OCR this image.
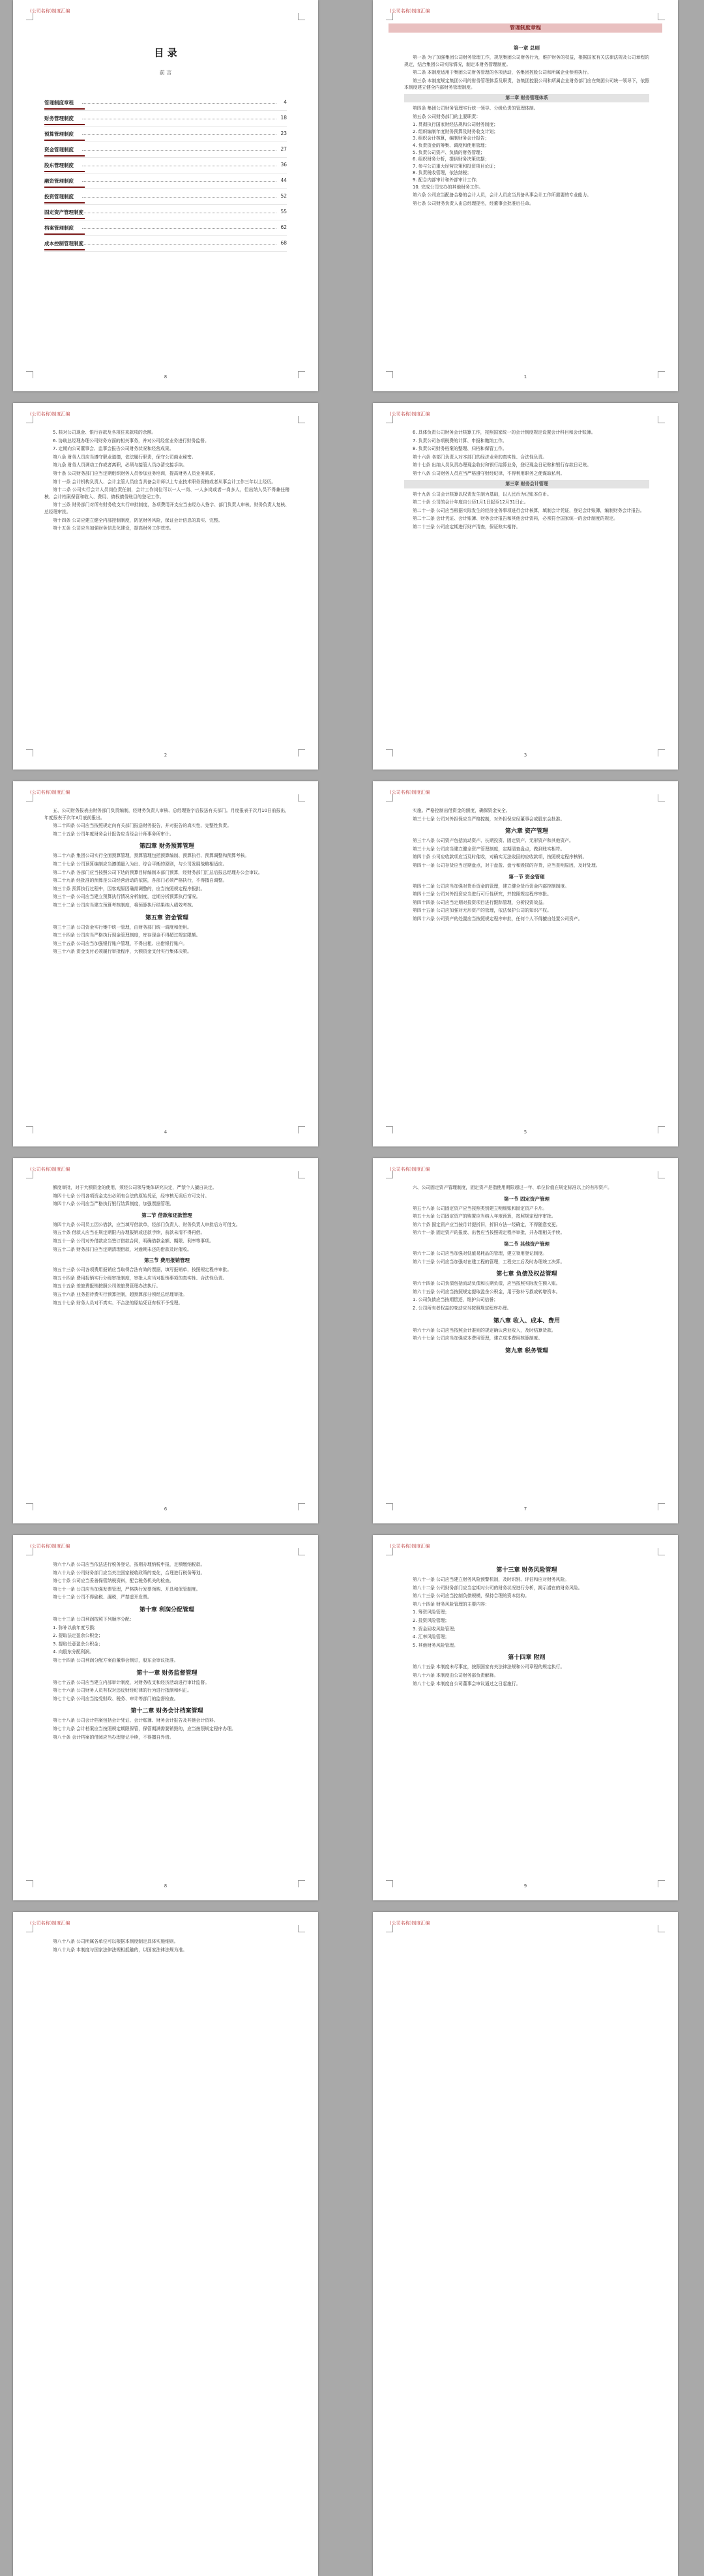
(公司名称)制度汇编
目 录
前 言
管理制度章程	4
财务管理制度	18
预算管理制度	23
资金管理制度	27
股东管理制度	36
融资管理制度	44
投资管理制度	52
固定资产管理制度	55
档案管理制度	62
成本控制管理制度	68
8
(公司名称)制度汇编
管理制度章程
第一章 总则

第一条 为了加强集团公司财务管理工作，规范集团公司财务行为，维护财务的权益，根据国家有关法律法规及公司章程的规定，结合集团公司实际情况，制定本财务管理制度。

第二条 本制度适用于集团公司财务管理的各项活动，各集团控股公司和所属企业参照执行。

第三条 本制度规定集团公司的财务管理体系及职责，各集团控股公司和所属企业财务部门应在集团公司统一领导下，依照本制度建立健全内部财务管理制度。

第二章 财务管理体系

第四条 集团公司财务管理实行统一领导、分级负责的管理体制。

第五条 公司财务部门的主要职责：

1. 贯彻执行国家财经法规和公司财务制度；
2. 组织编制年度财务预算及财务收支计划；
3. 组织会计核算，编制财务会计报告；
4. 负责资金的筹集、调度和使用管理；
5. 负责公司资产、负债的财务管理；
6. 组织财务分析，提供财务决策依据；
7. 参与公司重大经营决策和投资项目论证；
8. 负责税收管理，依法纳税；
9. 配合内部审计和外部审计工作；
10. 完成公司交办的其他财务工作。

第六条 公司应当配备合格的会计人员，会计人员应当具备从事会计工作所需要的专业能力。

第七条 公司财务负责人由总经理提名，经董事会批准后任命。

1
(公司名称)制度汇编

5. 核对公司现金、银行存款及各项往来款项的余额。

6. 协助总经理办理公司财务方面的相关事务，并对公司经营业务进行财务监督。

7. 定期向公司董事会、监事会报告公司财务状况和经营成果。

第八条 财务人员应当遵守职业道德，依法履行职责，保守公司商业秘密。

第九条 财务人员调动工作或者离职，必须与接管人员办清交接手续。

第十条 公司财务部门应当定期组织财务人员参加业务培训，提高财务人员业务素质。

第十一条 会计机构负责人、会计主管人员应当具备会计师以上专业技术职务资格或者从事会计工作三年以上经历。

第十二条 公司实行会计人员岗位责任制，会计工作岗位可以一人一岗、一人多岗或者一岗多人，但出纳人员不得兼任稽核、会计档案保管和收入、费用、债权债务账目的登记工作。

第十三条 财务部门对所有财务收支实行审批制度，各项费用开支应当由经办人签字、部门负责人审核、财务负责人复核、总经理审批。

第十四条 公司应建立健全内部控制制度，防范财务风险，保证会计信息的真实、完整。

第十五条 公司应当加强财务信息化建设，提高财务工作效率。

2
(公司名称)制度汇编

6. 具体负责公司财务会计核算工作，按照国家统一的会计制度规定设置会计科目和会计账簿。

7. 负责公司各项税费的计算、申报和缴纳工作。

8. 负责公司财务档案的整理、归档和保管工作。

第十六条 各部门负责人对本部门的经济业务的真实性、合法性负责。

第十七条 出纳人员负责办理现金收付和银行结算业务，登记现金日记账和银行存款日记账。

第十八条 公司财务人员应当严格遵守财经纪律，不得利用职务之便谋取私利。

第三章 财务会计管理

第十九条 公司会计核算以权责发生制为基础，以人民币为记账本位币。

第二十条 公司的会计年度自公历1月1日起至12月31日止。

第二十一条 公司应当根据实际发生的经济业务事项进行会计核算，填制会计凭证，登记会计账簿，编制财务会计报告。

第二十二条 会计凭证、会计账簿、财务会计报告和其他会计资料，必须符合国家统一的会计制度的规定。

第二十三条 公司应定期进行财产清查，保证账实相符。

3
(公司名称)制度汇编

五、公司财务报表由财务部门负责编制，经财务负责人审核、总经理签字后报送有关部门。月度报表于次月10日前报出，年度报表于次年3月底前报出。

第二十四条 公司应当按照规定向有关部门报送财务报告，并对报告的真实性、完整性负责。

第二十五条 公司年度财务会计报告应当经会计师事务所审计。

第四章 财务预算管理

第二十六条 集团公司实行全面预算管理，预算管理包括预算编制、预算执行、预算调整和预算考核。

第二十七条 公司预算编制应当遵循量入为出、综合平衡的原则，与公司发展战略相适应。

第二十八条 各部门应当按照公司下达的预算目标编制本部门预算，经财务部门汇总后报总经理办公会审议。

第二十九条 经批准的预算是公司经营活动的依据，各部门必须严格执行，不得擅自调整。

第三十条 预算执行过程中，因客观原因确需调整的，应当按照规定程序报批。

第三十一条 公司应当建立预算执行情况分析制度，定期分析预算执行情况。

第三十二条 公司应当建立预算考核制度，将预算执行结果纳入绩效考核。

第五章 资金管理

第三十三条 公司资金实行集中统一管理，由财务部门统一调度和使用。

第三十四条 公司应当严格执行现金管理制度，库存现金不得超过规定限额。

第三十五条 公司应当加强银行账户管理，不得出租、出借银行账户。

第三十六条 资金支付必须履行审批程序，大额资金支付实行集体决策。

4
(公司名称)制度汇编

实施。严格控制出借资金的额度，确保资金安全。

第三十七条 公司对外担保应当严格控制，对外担保应经董事会或股东会批准。

第六章 资产管理

第三十八条 公司资产包括流动资产、长期投资、固定资产、无形资产和其他资产。

第三十九条 公司应当建立健全资产管理制度，定期清查盘点，做到账实相符。

第四十条 公司应收款项应当及时催收，对确实无法收回的应收款项，按照规定程序核销。

第四十一条 公司存货应当定期盘点，对于盘盈、盘亏和毁损的存货，应当查明原因，及时处理。

第一节 资金管理

第四十二条 公司应当加强对货币资金的管理，建立健全货币资金内部控制制度。

第四十三条 公司对外投资应当进行可行性研究，并按照规定程序审批。

第四十四条 公司应当定期对投资项目进行跟踪管理，分析投资效益。

第四十五条 公司应加强对无形资产的管理，依法保护公司的知识产权。

第四十六条 公司资产的处置应当按照规定程序审批，任何个人不得擅自处置公司资产。

5
(公司名称)制度汇编

额度审批，对于大额资金的使用，须经公司领导集体研究决定，严禁个人擅自决定。

第四十七条 公司各项资金支出必须有合法的原始凭证，经审核无误后方可支付。

第四十八条 公司应当严格执行银行结算制度，加强票据管理。

第二节 借款和还款管理

第四十九条 公司员工因公借款，应当填写借款单，经部门负责人、财务负责人审批后方可借支。

第五十条 借款人应当在规定期限内办理报销或还款手续，前款未清不得再借。

第五十一条 公司对外借款应当签订借款合同，明确借款金额、期限、利率等事项。

第五十二条 财务部门应当定期清理借款，对逾期未还的借款及时催收。

第三节 费用报销管理

第五十三条 公司各项费用报销应当取得合法有效的票据，填写报销单，按照规定程序审批。

第五十四条 费用报销实行分级审批制度，审批人应当对报销事项的真实性、合法性负责。

第五十五条 差旅费报销按照公司差旅费管理办法执行。

第五十六条 业务招待费实行预算控制，超预算部分须经总经理审批。

第五十七条 财务人员对不真实、不合法的原始凭证有权不予受理。

6
(公司名称)制度汇编

六、公司固定资产管理制度，固定资产是指使用期限超过一年、单位价值在规定标准以上的有形资产。

第一节 固定资产管理

第五十八条 公司固定资产应当按照类别建立明细账和固定资产卡片。

第五十九条 公司固定资产的购置应当纳入年度预算，按照规定程序审批。

第六十条 固定资产应当按月计提折旧，折旧方法一经确定，不得随意变更。

第六十一条 固定资产的报废、出售应当按照规定程序审批，并办理相关手续。

第二节 其他资产管理

第六十二条 公司应当加强对低值易耗品的管理，建立领用登记制度。

第六十三条 公司应当加强对在建工程的管理，工程完工后及时办理竣工决算。

第七章 负债及权益管理

第六十四条 公司负债包括流动负债和长期负债，应当按照实际发生额入账。

第六十五条 公司应当按照规定提取盈余公积金，用于弥补亏损或转增资本。

1. 公司负债应当按期偿还，维护公司信誉；

2. 公司所有者权益的变动应当按照规定程序办理。

第八章 收入、成本、费用

第六十六条 公司应当按照会计准则的规定确认营业收入，及时结算货款。

第六十七条 公司应当加强成本费用管理，建立成本费用核算制度。

第九章 税务管理
7
(公司名称)制度汇编

第六十八条 公司应当依法进行税务登记，按期办理纳税申报，足额缴纳税款。

第六十九条 公司财务部门应当关注国家税收政策的变化，合理进行税务筹划。

第七十条 公司应当妥善保管纳税资料，配合税务机关的检查。

第七十一条 公司应当加强发票管理，严格执行发票领购、开具和保管制度。

第七十二条 公司不得偷税、漏税，严禁虚开发票。

第十章 利润分配管理

第七十三条 公司利润按照下列顺序分配：

1. 弥补以前年度亏损；

2. 提取法定盈余公积金；

3. 提取任意盈余公积金；

4. 向股东分配利润。

第七十四条 公司利润分配方案由董事会制订，股东会审议批准。

第十一章 财务监督管理

第七十五条 公司应当建立内部审计制度，对财务收支和经济活动进行审计监督。

第七十六条 公司财务人员有权对违反财经纪律的行为进行抵制和纠正。

第七十七条 公司应当接受财政、税务、审计等部门的监督检查。

第十二章 财务会计档案管理

第七十八条 公司会计档案包括会计凭证、会计账簿、财务会计报告及其他会计资料。

第七十九条 会计档案应当按照规定期限保管，保管期满需要销毁的，应当按照规定程序办理。

第八十条 会计档案的借阅应当办理登记手续，不得擅自外借。

8
(公司名称)制度汇编
第十三章 财务风险管理

第八十一条 公司应当建立财务风险预警机制，及时识别、评估和应对财务风险。

第八十二条 公司财务部门应当定期对公司的财务状况进行分析，揭示潜在的财务风险。

第八十三条 公司应当控制负债规模，保持合理的资本结构。

第八十四条 财务风险管理的主要内容：

1. 筹资风险管理；

2. 投资风险管理；

3. 资金回收风险管理；

4. 汇率风险管理；

5. 其他财务风险管理。

第十四章 附则

第八十五条 本制度未尽事宜，按照国家有关法律法规和公司章程的规定执行。

第八十六条 本制度由公司财务部负责解释。

第八十七条 本制度自公司董事会审议通过之日起施行。

9
(公司名称)制度汇编

第八十八条 公司所属各单位可以根据本制度制定具体实施细则。

第八十九条 本制度与国家法律法规相抵触的，以国家法律法规为准。

(公司名称)制度汇编
